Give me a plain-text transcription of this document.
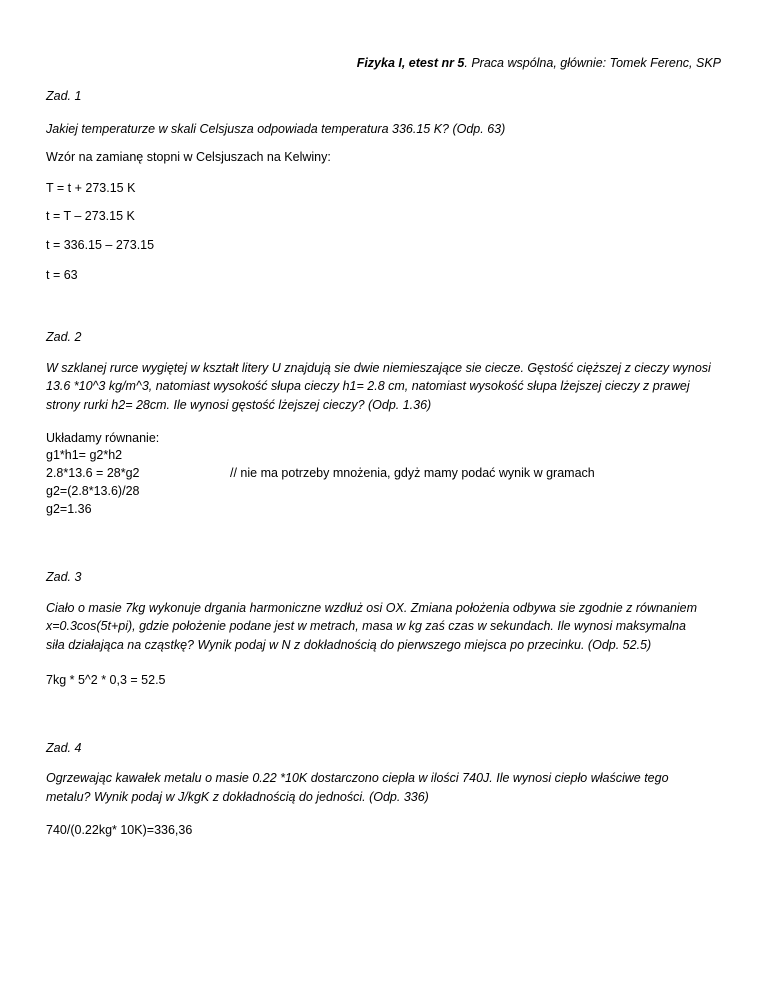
Fizyka I, etest nr 5. Praca wspólna, głównie: Tomek Ferenc, SKP
Zad. 1
Jakiej temperaturze w skali Celsjusza odpowiada temperatura 336.15 K? (Odp. 63)
Wzór na zamianę stopni w Celsjuszach na Kelwiny:
T = t + 273.15 K
t = T – 273.15 K
t = 336.15 – 273.15
t = 63
Zad. 2
W szklanej rurce wygiętej w kształt litery U znajdują sie dwie niemieszające sie ciecze. Gęstość cięższej z cieczy wynosi
13.6 *10^3 kg/m^3, natomiast wysokość słupa cieczy h1= 2.8 cm, natomiast wysokość słupa lżejszej cieczy z prawej
strony rurki h2= 28cm. Ile wynosi gęstość lżejszej cieczy? (Odp. 1.36)
Układamy równanie:
g1*h1= g2*h2
2.8*13.6 = 28*g2	// nie ma potrzeby mnożenia, gdyż mamy podać wynik w gramach
g2=(2.8*13.6)/28
g2=1.36
Zad. 3
Ciało o masie 7kg wykonuje drgania harmoniczne wzdłuż osi OX. Zmiana położenia odbywa sie zgodnie z równaniem
x=0.3cos(5t+pi), gdzie położenie podane jest w metrach, masa w kg zaś czas w sekundach. Ile wynosi maksymalna
siła działająca na cząstkę? Wynik podaj w N z dokładnością do pierwszego miejsca po przecinku. (Odp. 52.5)
7kg * 5^2 * 0,3 = 52.5
Zad. 4
Ogrzewając kawałek metalu o masie 0.22 *10K dostarczono ciepła w ilości 740J. Ile wynosi ciepło właściwe tego
metalu? Wynik podaj w J/kgK z dokładnością do jedności. (Odp. 336)
740/(0.22kg* 10K)=336,36
